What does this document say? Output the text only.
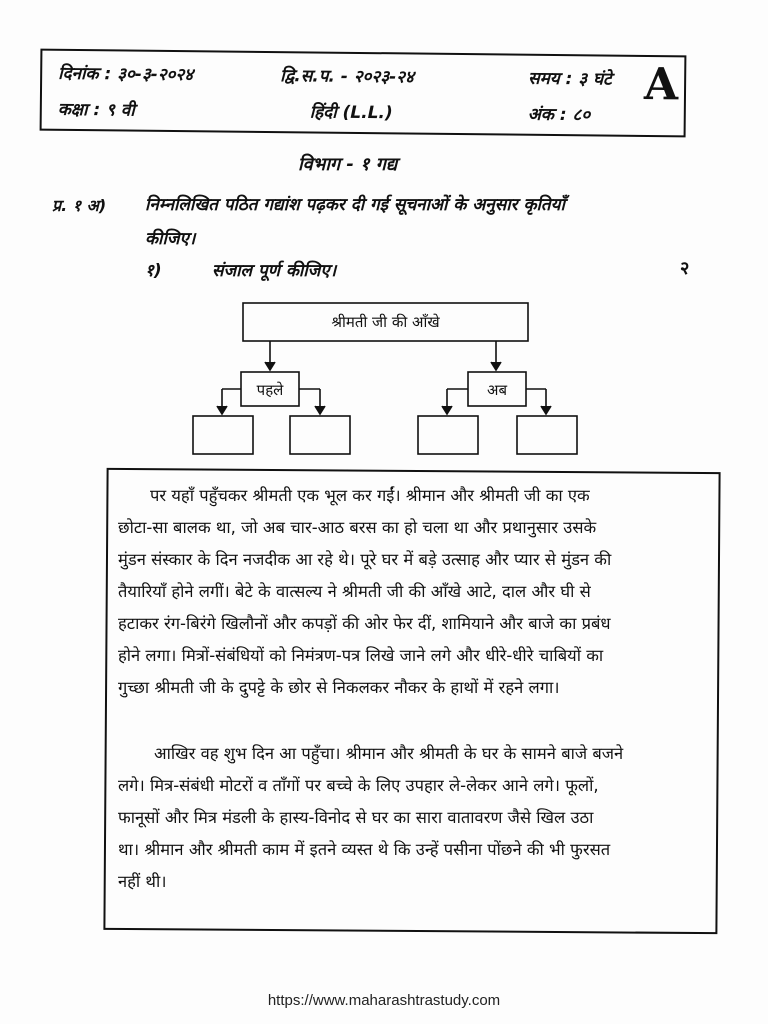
दिनांक : ३०-३-२०२४	द्वि.स.प. - २०२३-२४	समय : ३ घंटे
कक्षा : ९ वी	हिंदी (L.L.)	अंक : ८०
A
विभाग - १ गद्य
प्र. १ अ) निम्नलिखित पठित गद्यांश पढ़कर दी गई सूचनाओं के अनुसार कृतियाँ
कीजिए।
१)	संजाल पूर्ण कीजिए।	२
श्रीमती जी की आँखे
पहले	अब
पर यहाँ पहुँचकर श्रीमती एक भूल कर गईं। श्रीमान और श्रीमती जी का एक
छोटा-सा बालक था, जो अब चार-आठ बरस का हो चला था और प्रथानुसार उसके
मुंडन संस्कार के दिन नजदीक आ रहे थे। पूरे घर में बड़े उत्साह और प्यार से मुंडन की
तैयारियाँ होने लगीं। बेटे के वात्सल्य ने श्रीमती जी की आँखे आटे, दाल और घी से
हटाकर रंग-बिरंगे खिलौनों और कपड़ों की ओर फेर दीं, शामियाने और बाजे का प्रबंध
होने लगा। मित्रों-संबंधियों को निमंत्रण-पत्र लिखे जाने लगे और धीरे-धीरे चाबियों का
गुच्छा श्रीमती जी के दुपट्टे के छोर से निकलकर नौकर के हाथों में रहने लगा।
आखिर वह शुभ दिन आ पहुँचा। श्रीमान और श्रीमती के घर के सामने बाजे बजने
लगे। मित्र-संबंधी मोटरों व ताँगों पर बच्चे के लिए उपहार ले-लेकर आने लगे। फूलों,
फानूसों और मित्र मंडली के हास्य-विनोद से घर का सारा वातावरण जैसे खिल उठा
था। श्रीमान और श्रीमती काम में इतने व्यस्त थे कि उन्हें पसीना पोंछने की भी फुरसत
नहीं थी।
https://www.maharashtrastudy.com
